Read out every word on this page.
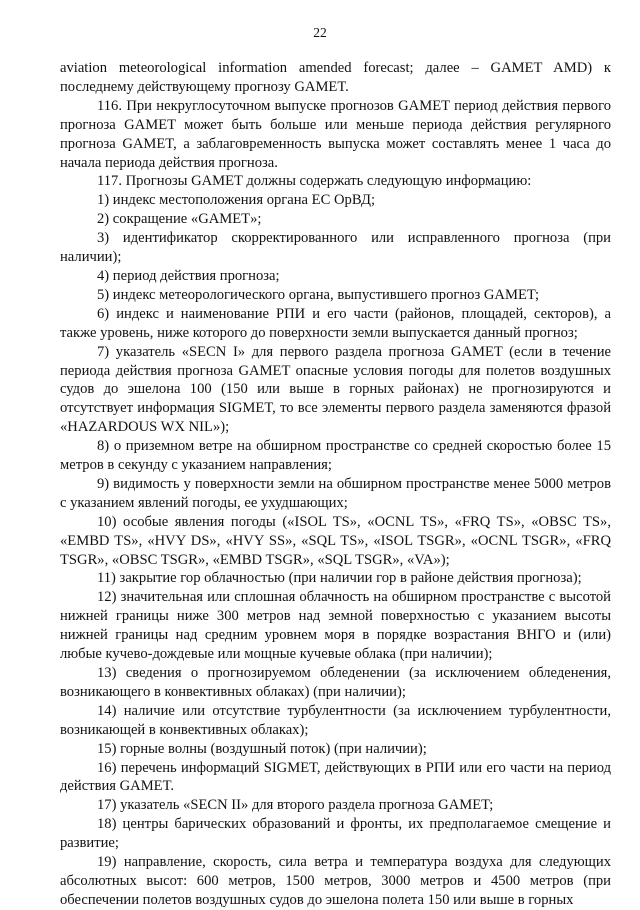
22

aviation meteorological information amended forecast; далее – GAMET AMD) к последнему действующему прогнозу GAMET.

116. При некруглосуточном выпуске прогнозов GAMET период действия первого прогноза GAMET может быть больше или меньше периода действия регулярного прогноза GAMET, а заблаговременность выпуска может составлять менее 1 часа до начала периода действия прогноза.

117. Прогнозы GAMET должны содержать следующую информацию:

1) индекс местоположения органа ЕС ОрВД;

2) сокращение «GAMET»;

3) идентификатор скорректированного или исправленного прогноза (при наличии);

4) период действия прогноза;

5) индекс метеорологического органа, выпустившего прогноз GAMET;

6) индекс и наименование РПИ и его части (районов, площадей, секторов), а также уровень, ниже которого до поверхности земли выпускается данный прогноз;

7) указатель «SECN I» для первого раздела прогноза GAMET (если в течение периода действия прогноза GAMET опасные условия погоды для полетов воздушных судов до эшелона 100 (150 или выше в горных районах) не прогнозируются и отсутствует информация SIGMET, то все элементы первого раздела заменяются фразой «HAZARDOUS WX NIL»);

8) о приземном ветре на обширном пространстве со средней скоростью более 15 метров в секунду с указанием направления;

9) видимость у поверхности земли на обширном пространстве менее 5000 метров с указанием явлений погоды, ее ухудшающих;

10) особые явления погоды («ISOL TS», «OCNL TS», «FRQ TS», «OBSC TS», «EMBD TS», «HVY DS», «HVY SS», «SQL TS», «ISOL TSGR», «OCNL TSGR», «FRQ TSGR», «OBSC TSGR», «EMBD TSGR», «SQL TSGR», «VA»);

11) закрытие гор облачностью (при наличии гор в районе действия прогноза);

12) значительная или сплошная облачность на обширном пространстве с высотой нижней границы ниже 300 метров над земной поверхностью с указанием высоты нижней границы над средним уровнем моря в порядке возрастания ВНГО и (или) любые кучево-дождевые или мощные кучевые облака (при наличии);

13) сведения о прогнозируемом обледенении (за исключением обледенения, возникающего в конвективных облаках) (при наличии);

14) наличие или отсутствие турбулентности (за исключением турбулентности, возникающей в конвективных облаках);

15) горные волны (воздушный поток) (при наличии);

16) перечень информаций SIGMET, действующих в РПИ или его части на период действия GAMET.

17) указатель «SECN II» для второго раздела прогноза GAMET;

18) центры барических образований и фронты, их предполагаемое смещение и развитие;

19) направление, скорость, сила ветра и температура воздуха для следующих абсолютных высот: 600 метров, 1500 метров, 3000 метров и 4500 метров (при обеспечении полетов воздушных судов до эшелона полета 150 или выше в горных
